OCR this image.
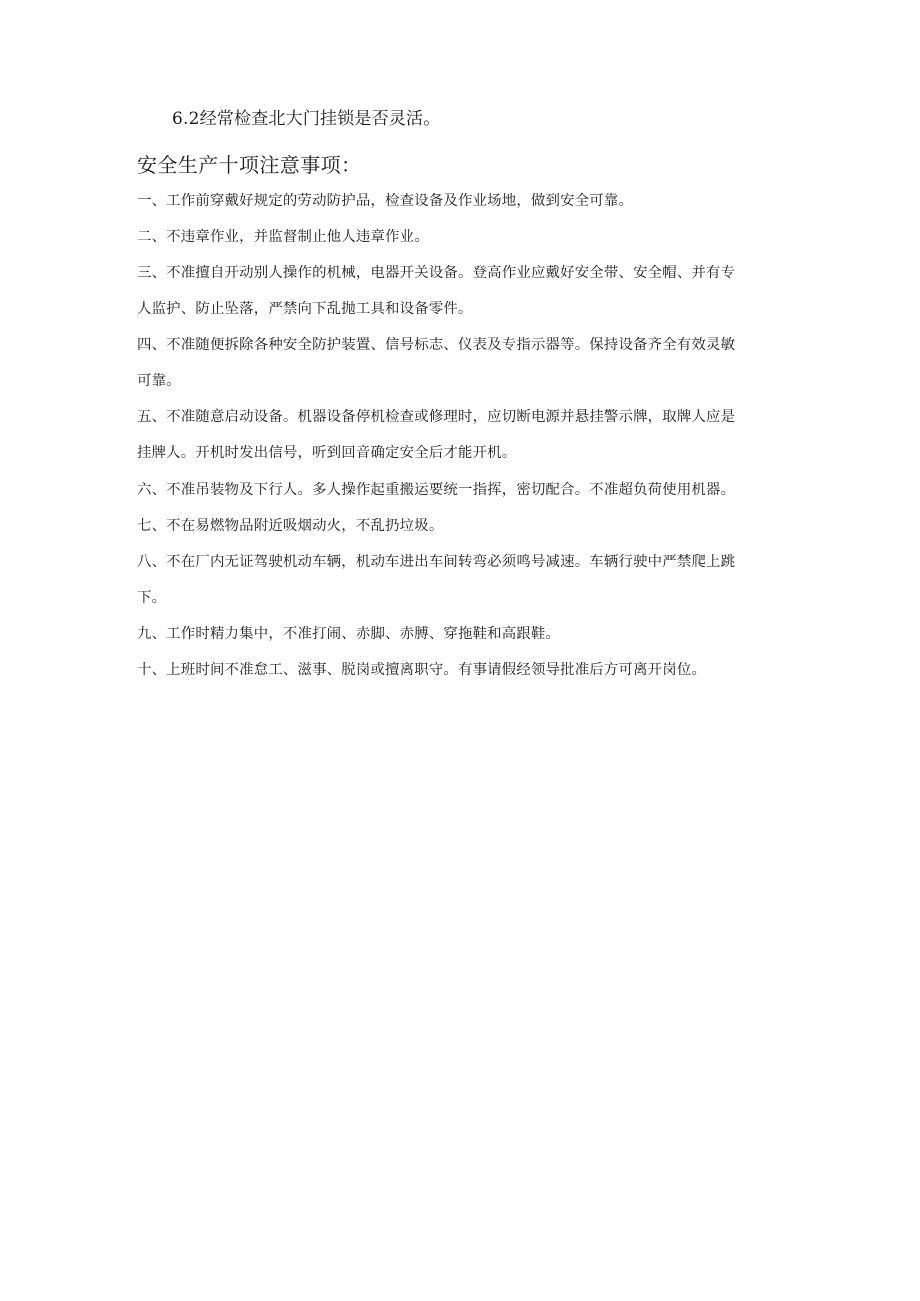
6.2经常检查北大门挂锁是否灵活。
安全生产十项注意事项：
一、工作前穿戴好规定的劳动防护品，检查设备及作业场地，做到安全可靠。
二、不违章作业，并监督制止他人违章作业。
三、不准擅自开动别人操作的机械，电器开关设备。登高作业应戴好安全带、安全帽、并有专
人监护、防止坠落，严禁向下乱抛工具和设备零件。
四、不准随便拆除各种安全防护装置、信号标志、仪表及专指示器等。保持设备齐全有效灵敏
可靠。
五、不准随意启动设备。机器设备停机检查或修理时，应切断电源并悬挂警示牌，取牌人应是
挂牌人。开机时发出信号，听到回音确定安全后才能开机。
六、不准吊装物及下行人。多人操作起重搬运要统一指挥，密切配合。不准超负荷使用机器。
七、不在易燃物品附近吸烟动火，不乱扔垃圾。
八、不在厂内无证驾驶机动车辆，机动车进出车间转弯必须鸣号减速。车辆行驶中严禁爬上跳
下。
九、工作时精力集中，不准打闹、赤脚、赤膊、穿拖鞋和高跟鞋。
十、上班时间不准怠工、滋事、脱岗或擅离职守。有事请假经领导批准后方可离开岗位。
